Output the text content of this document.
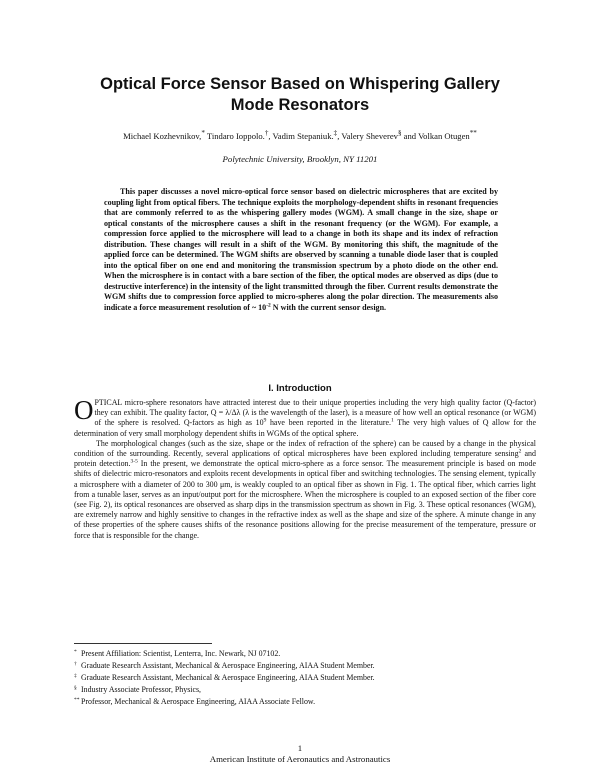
Optical Force Sensor Based on Whispering Gallery
Mode Resonators
Michael Kozhevnikov,* Tindaro Ioppolo.†, Vadim Stepaniuk.‡, Valery Sheverev§ and Volkan Otugen**
Polytechnic University, Brooklyn, NY 11201

This paper discusses a novel micro-optical force sensor based on dielectric microspheres that are excited by coupling light from optical fibers. The technique exploits the morphology-dependent shifts in resonant frequencies that are commonly referred to as the whispering gallery modes (WGM). A small change in the size, shape or optical constants of the microsphere causes a shift in the resonant frequency (or the WGM). For example, a compression force applied to the microsphere will lead to a change in both its shape and its index of refraction distribution. These changes will result in a shift of the WGM. By monitoring this shift, the magnitude of the applied force can be determined. The WGM shifts are observed by scanning a tunable diode laser that is coupled into the optical fiber on one end and monitoring the transmission spectrum by a photo diode on the other end. When the microsphere is in contact with a bare section of the fiber, the optical modes are observed as dips (due to destructive interference) in the intensity of the light transmitted through the fiber. Current results demonstrate the WGM shifts due to compression force applied to micro-spheres along the polar direction. The measurements also indicate a force measurement resolution of ~ $10^{-2}$ N with the current sensor design.

I. Introduction

OPTICAL micro-sphere resonators have attracted interest due to their unique properties including the very high quality factor (Q-factor) they can exhibit. The quality factor, Q = λ/Δλ (λ is the wavelength of the laser), is a measure of how well an optical resonance (or WGM) of the sphere is resolved. Q-factors as high as $10^9$ have been reported in the literature.$^1$ The very high values of Q allow for the determination of very small morphology dependent shifts in WGMs of the optical sphere.

The morphological changes (such as the size, shape or the index of refraction of the sphere) can be caused by a change in the physical condition of the surrounding. Recently, several applications of optical microspheres have been explored including temperature sensing$^2$ and protein detection.$^{3-5}$ In the present, we demonstrate the optical micro-sphere as a force sensor. The measurement principle is based on mode shifts of dielectric micro-resonators and exploits recent developments in optical fiber and switching technologies. The sensing element, typically a microsphere with a diameter of 200 to 300 μm, is weakly coupled to an optical fiber as shown in Fig. 1. The optical fiber, which carries light from a tunable laser, serves as an input/output port for the microsphere. When the microsphere is coupled to an exposed section of the fiber core (see Fig. 2), its optical resonances are observed as sharp dips in the transmission spectrum as shown in Fig. 3. These optical resonances (WGM), are extremely narrow and highly sensitive to changes in the refractive index as well as the shape and size of the sphere. A minute change in any of these properties of the sphere causes shifts of the resonance positions allowing for the precise measurement of the temperature, pressure or force that is responsible for the change.

* Present Affiliation: Scientist, Lenterra, Inc. Newark, NJ 07102.
† Graduate Research Assistant, Mechanical & Aerospace Engineering, AIAA Student Member.
‡ Graduate Research Assistant, Mechanical & Aerospace Engineering, AIAA Student Member.
§ Industry Associate Professor, Physics,
** Professor, Mechanical & Aerospace Engineering, AIAA Associate Fellow.
1
American Institute of Aeronautics and Astronautics
